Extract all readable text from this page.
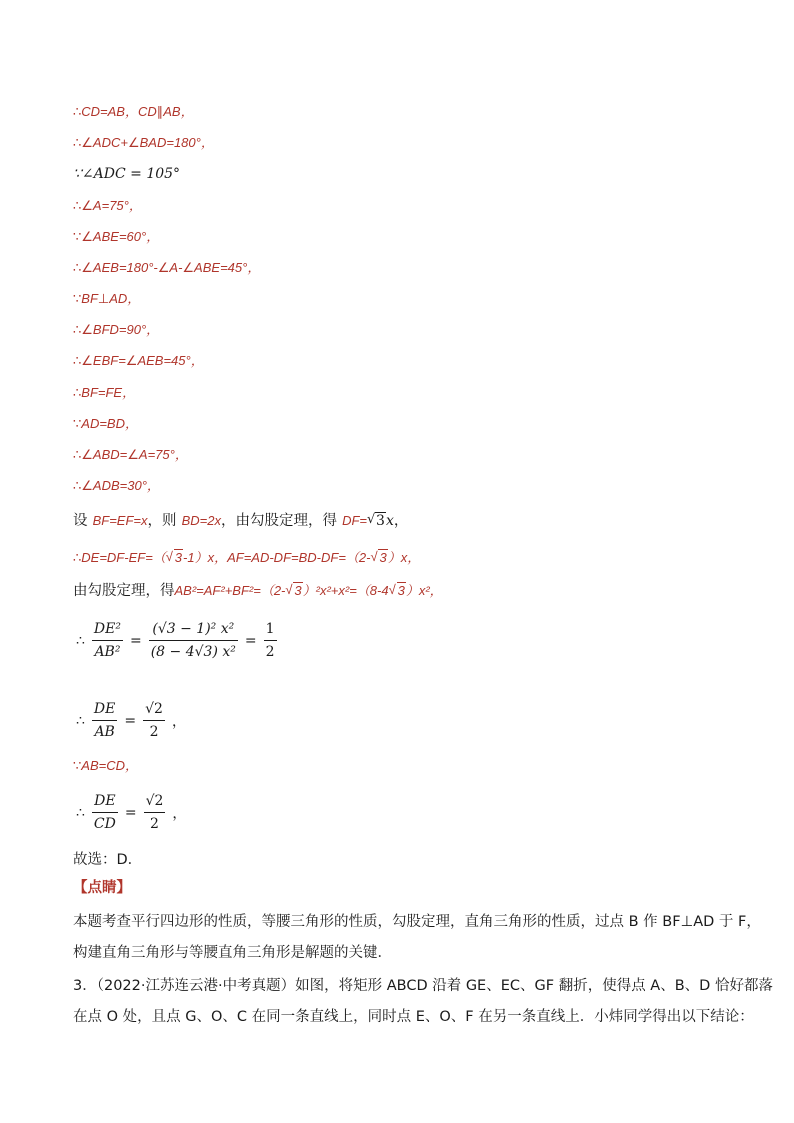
∴CD=AB，CD∥AB，
∴∠ADC+∠BAD=180°，
∵∠ADC = 105°
∴∠A=75°，
∵∠ABE=60°，
∴∠AEB=180°-∠A-∠ABE=45°，
∵BF⊥AD，
∴∠BFD=90°，
∴∠EBF=∠AEB=45°，
∴BF=FE，
∵AD=BD，
∴∠ABD=∠A=75°，
∴∠ADB=30°，
设 BF=EF=x，则 BD=2x，由勾股定理，得 DF= √ 3x，
∴DE=DF-EF=（ √ 3-1）x，AF=AD-DF=BD-DF=（2- √ 3）x，
由勾股定理，得AB²=AF²+BF²=（2- √ 3）²x²+x²=（8-4 √ 3）x²，
∴ $\frac{\text{DE²}}{\text{AB²}} = \frac{\text{(√3 − 1)² x²}}{\text{(8 − 4√3) x²}} = \frac{1}{2}$
∴ $\frac{DE}{AB} = \frac{√2}{2}$ ，
∵AB=CD，
∴ $\frac{DE}{CD} = \frac{√2}{2}$ ，
故选：D．
【点睛】
本题考查平行四边形的性质，等腰三角形的性质，勾股定理，直角三角形的性质，过点 B 作 BF⊥AD 于 F，
构建直角三角形与等腰直角三角形是解题的关键．
3．（2022·江苏连云港·中考真题）如图，将矩形 ABCD 沿着 GE、EC、GF 翻折，使得点 A、B、D 恰好都落
在点 O 处，且点 G、O、C 在同一条直线上，同时点 E、O、F 在另一条直线上．小炜同学得出以下结论：
